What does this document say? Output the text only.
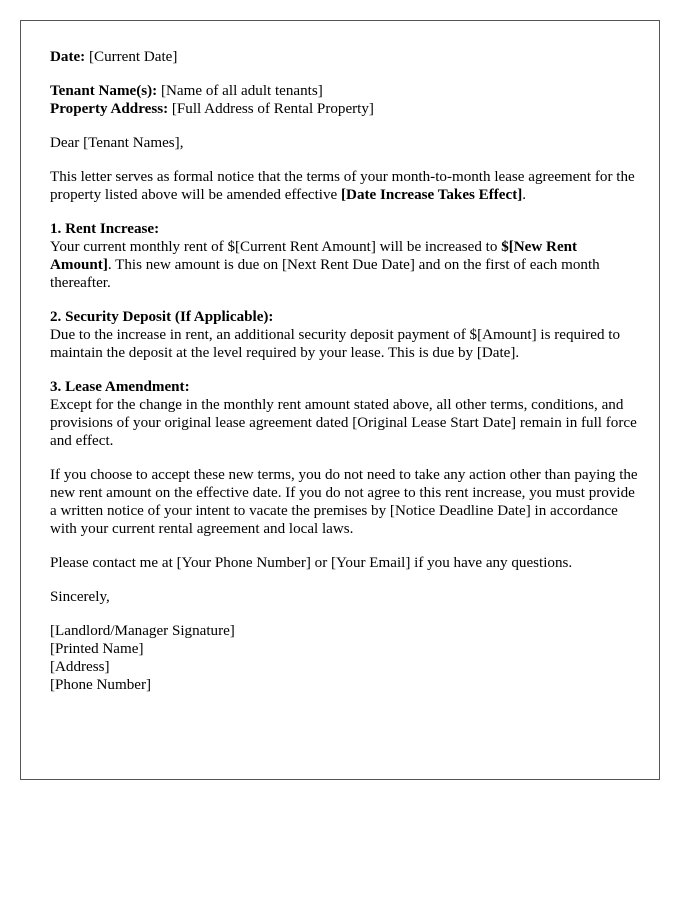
Date: [Current Date]

Tenant Name(s): [Name of all adult tenants]

Property Address: [Full Address of Rental Property]

Dear [Tenant Names],

This letter serves as formal notice that the terms of your month-to-month lease agreement for the property listed above will be amended effective [Date Increase Takes Effect].

1. Rent Increase:
Your current monthly rent of $[Current Rent Amount] will be increased to $[New Rent Amount]. This new amount is due on [Next Rent Due Date] and on the first of each month thereafter.
2. Security Deposit (If Applicable):
Due to the increase in rent, an additional security deposit payment of $[Amount] is required to maintain the deposit at the level required by your lease. This is due by [Date].
3. Lease Amendment:
Except for the change in the monthly rent amount stated above, all other terms, conditions, and provisions of your original lease agreement dated [Original Lease Start Date] remain in full force and effect.

If you choose to accept these new terms, you do not need to take any action other than paying the new rent amount on the effective date. If you do not agree to this rent increase, you must provide a written notice of your intent to vacate the premises by [Notice Deadline Date] in accordance with your current rental agreement and local laws.

Please contact me at [Your Phone Number] or [Your Email] if you have any questions.

Sincerely,

[Landlord/Manager Signature]
[Printed Name]
[Address]
[Phone Number]
